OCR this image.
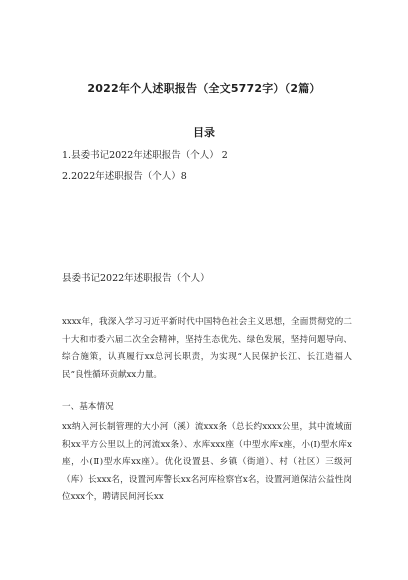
2022年个人述职报告（全文5772字）（2篇）
目录
1.县委书记2022年述职报告（个人） 2
2.2022年述职报告（个人）8
县委书记2022年述职报告（个人）

xxxx年，我深入学习习近平新时代中国特色社会主义思想，全面贯彻党的二十大和市委六届二次全会精神，坚持生态优先、绿色发展，坚持问题导向、综合施策，认真履行xx总河长职责，为实现“人民保护长江、长江造福人民”良性循环贡献xx力量。

一、基本情况

xx纳入河长制管理的大小河（溪）流xxx条（总长约xxxx公里，其中流域面积xx平方公里以上的河流xx条）、水库xxx座（中型水库x座，小(I)型水库x座，小(Ⅱ)型水库xx座）。优化设置县、乡镇（街道）、村（社区）三级河（库）长xxx名，设置河库警长xx名河库检察官x名，设置河道保洁公益性岗位xxx个，聘请民间河长xx
